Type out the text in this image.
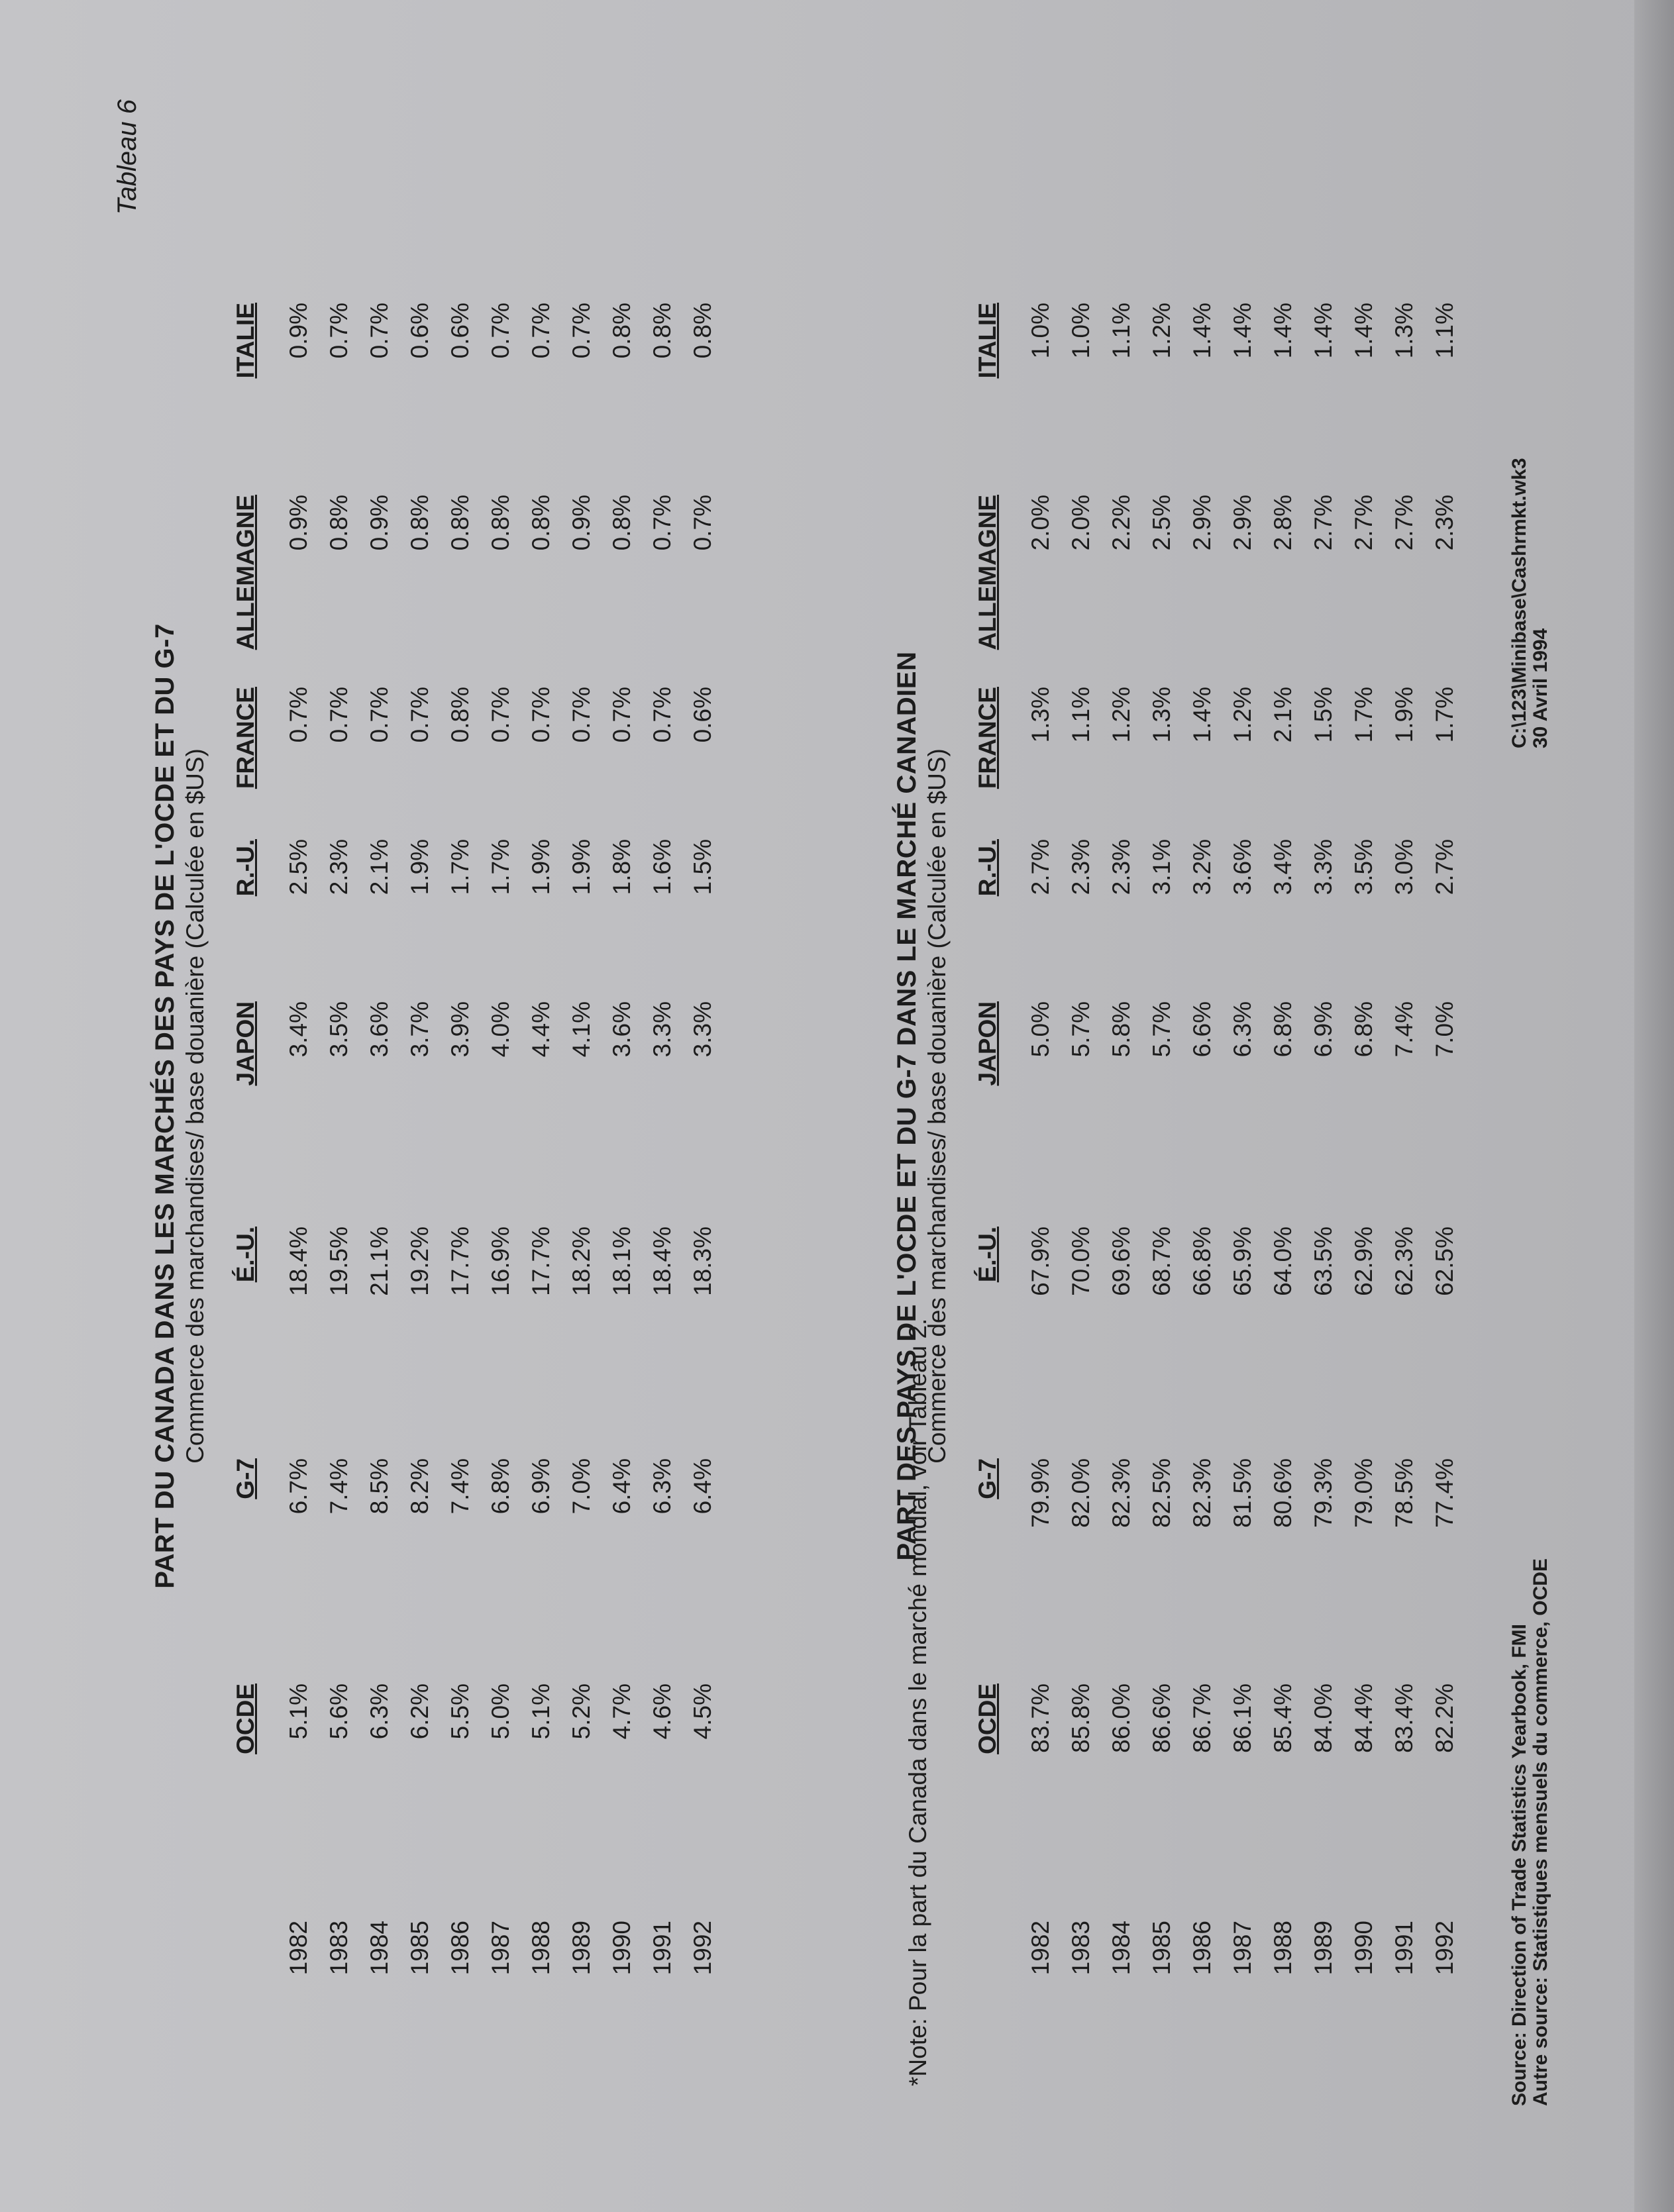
Tableau 6

PART DU CANADA DANS LES MARCHÉS DES PAYS DE L'OCDE ET DU G-7 Commerce des marchandises/ base douanière (Calculée en $US)

	OCDE	G-7	É.-U.	JAPON	R.-U.	FRANCE	ALLEMAGNE	ITALIE
1982	5.1%	6.7%	18.4%	3.4%	2.5%	0.7%	0.9%	0.9%
1983	5.6%	7.4%	19.5%	3.5%	2.3%	0.7%	0.8%	0.7%
1984	6.3%	8.5%	21.1%	3.6%	2.1%	0.7%	0.9%	0.7%
1985	6.2%	8.2%	19.2%	3.7%	1.9%	0.7%	0.8%	0.6%
1986	5.5%	7.4%	17.7%	3.9%	1.7%	0.8%	0.8%	0.6%
1987	5.0%	6.8%	16.9%	4.0%	1.7%	0.7%	0.8%	0.7%
1988	5.1%	6.9%	17.7%	4.4%	1.9%	0.7%	0.8%	0.7%
1989	5.2%	7.0%	18.2%	4.1%	1.9%	0.7%	0.9%	0.7%
1990	4.7%	6.4%	18.1%	3.6%	1.8%	0.7%	0.8%	0.8%
1991	4.6%	6.3%	18.4%	3.3%	1.6%	0.7%	0.7%	0.8%
1992	4.5%	6.4%	18.3%	3.3%	1.5%	0.6%	0.7%	0.8%
*Note: Pour la part du Canada dans le marché mondial, voir Tableau 2.

PART DES PAYS DE L'OCDE ET DU G-7 DANS LE MARCHÉ CANADIEN Commerce des marchandises/ base douanière (Calculée en $US)

	OCDE	G-7	É.-U.	JAPON	R.-U.	FRANCE	ALLEMAGNE	ITALIE
1982	83.7%	79.9%	67.9%	5.0%	2.7%	1.3%	2.0%	1.0%
1983	85.8%	82.0%	70.0%	5.7%	2.3%	1.1%	2.0%	1.0%
1984	86.0%	82.3%	69.6%	5.8%	2.3%	1.2%	2.2%	1.1%
1985	86.6%	82.5%	68.7%	5.7%	3.1%	1.3%	2.5%	1.2%
1986	86.7%	82.3%	66.8%	6.6%	3.2%	1.4%	2.9%	1.4%
1987	86.1%	81.5%	65.9%	6.3%	3.6%	1.2%	2.9%	1.4%
1988	85.4%	80.6%	64.0%	6.8%	3.4%	2.1%	2.8%	1.4%
1989	84.0%	79.3%	63.5%	6.9%	3.3%	1.5%	2.7%	1.4%
1990	84.4%	79.0%	62.9%	6.8%	3.5%	1.7%	2.7%	1.4%
1991	83.4%	78.5%	62.3%	7.4%	3.0%	1.9%	2.7%	1.3%
1992	82.2%	77.4%	62.5%	7.0%	2.7%	1.7%	2.3%	1.1%
Source: Direction of Trade Statistics Yearbook, FMI Autre source: Statistiques mensuels du commerce, OCDE
C:\123\Minibase\Cashrmkt.wk3 30 Avril 1994
